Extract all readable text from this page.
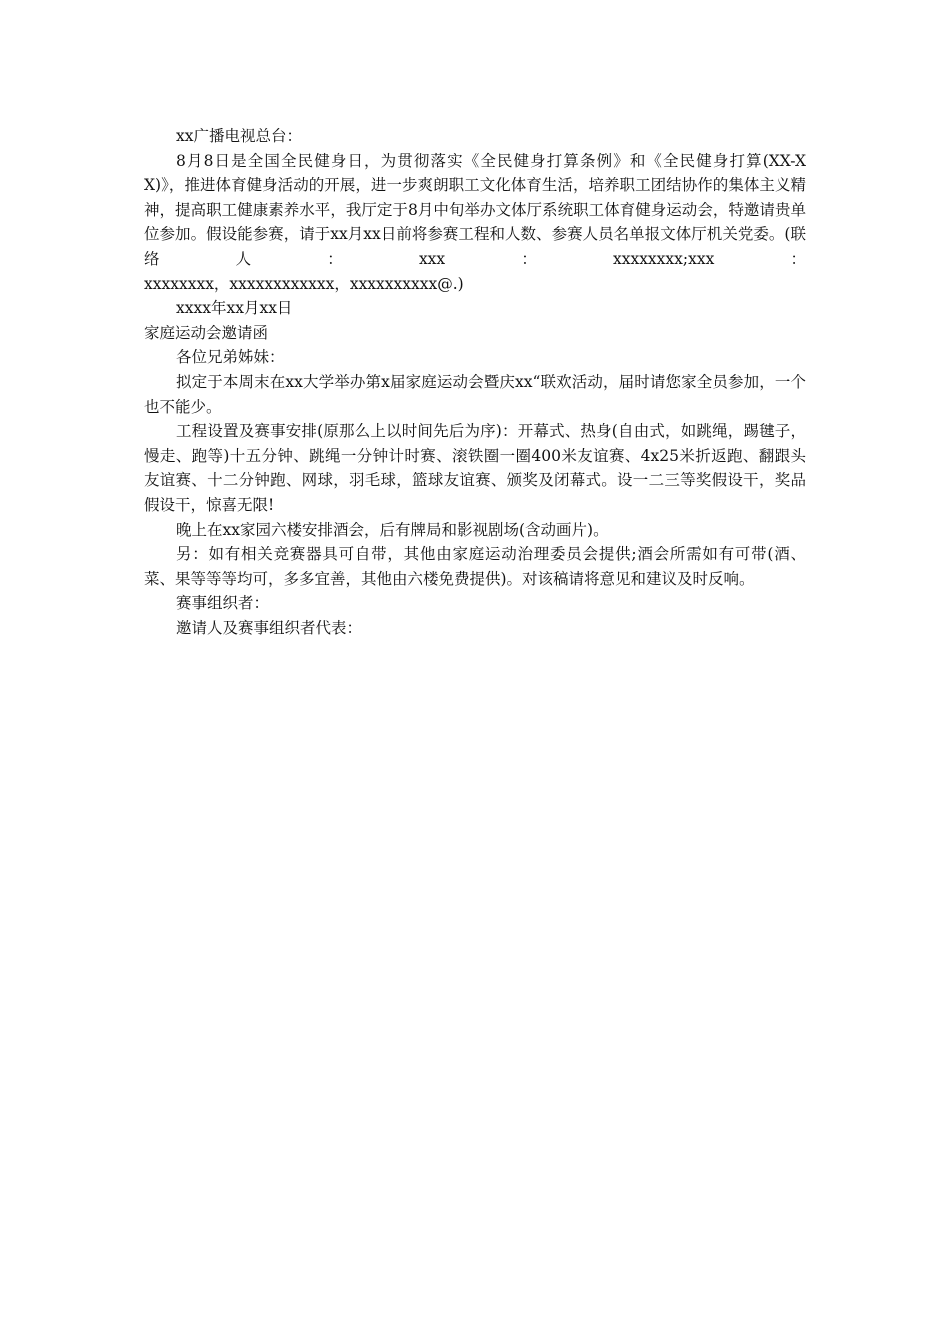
xx广播电视总台：

8月8日是全国全民健身日，为贯彻落实《全民健身打算条例》和《全民健身打算(XX-XX)》，推进体育健身活动的开展，进一步爽朗职工文化体育生活，培养职工团结协作的集体主义精神，提高职工健康素养水平，我厅定于8月中旬举办文体厅系统职工体育健身运动会，特邀请贵单位参加。假设能参赛，请于xx月xx日前将参赛工程和人数、参赛人员名单报文体厅机关党委。(联络人：xxx：xxxxxxxx;xxx：

xxxxxxxx，xxxxxxxxxxxx，xxxxxxxxxx@.)

xxxx年xx月xx日

家庭运动会邀请函

各位兄弟姊妹：

拟定于本周末在xx大学举办第x届家庭运动会暨庆xx“联欢活动，届时请您家全员参加，一个也不能少。

工程设置及赛事安排(原那么上以时间先后为序)：开幕式、热身(自由式，如跳绳，踢毽子，慢走、跑等)十五分钟、跳绳一分钟计时赛、滚铁圈一圈400米友谊赛、4x25米折返跑、翻跟头友谊赛、十二分钟跑、网球，羽毛球，篮球友谊赛、颁奖及闭幕式。设一二三等奖假设干，奖品假设干，惊喜无限!

晚上在xx家园六楼安排酒会，后有牌局和影视剧场(含动画片)。

另：如有相关竞赛器具可自带，其他由家庭运动治理委员会提供;酒会所需如有可带(酒、菜、果等等等均可，多多宜善，其他由六楼免费提供)。对该稿请将意见和建议及时反响。

赛事组织者：

邀请人及赛事组织者代表：
